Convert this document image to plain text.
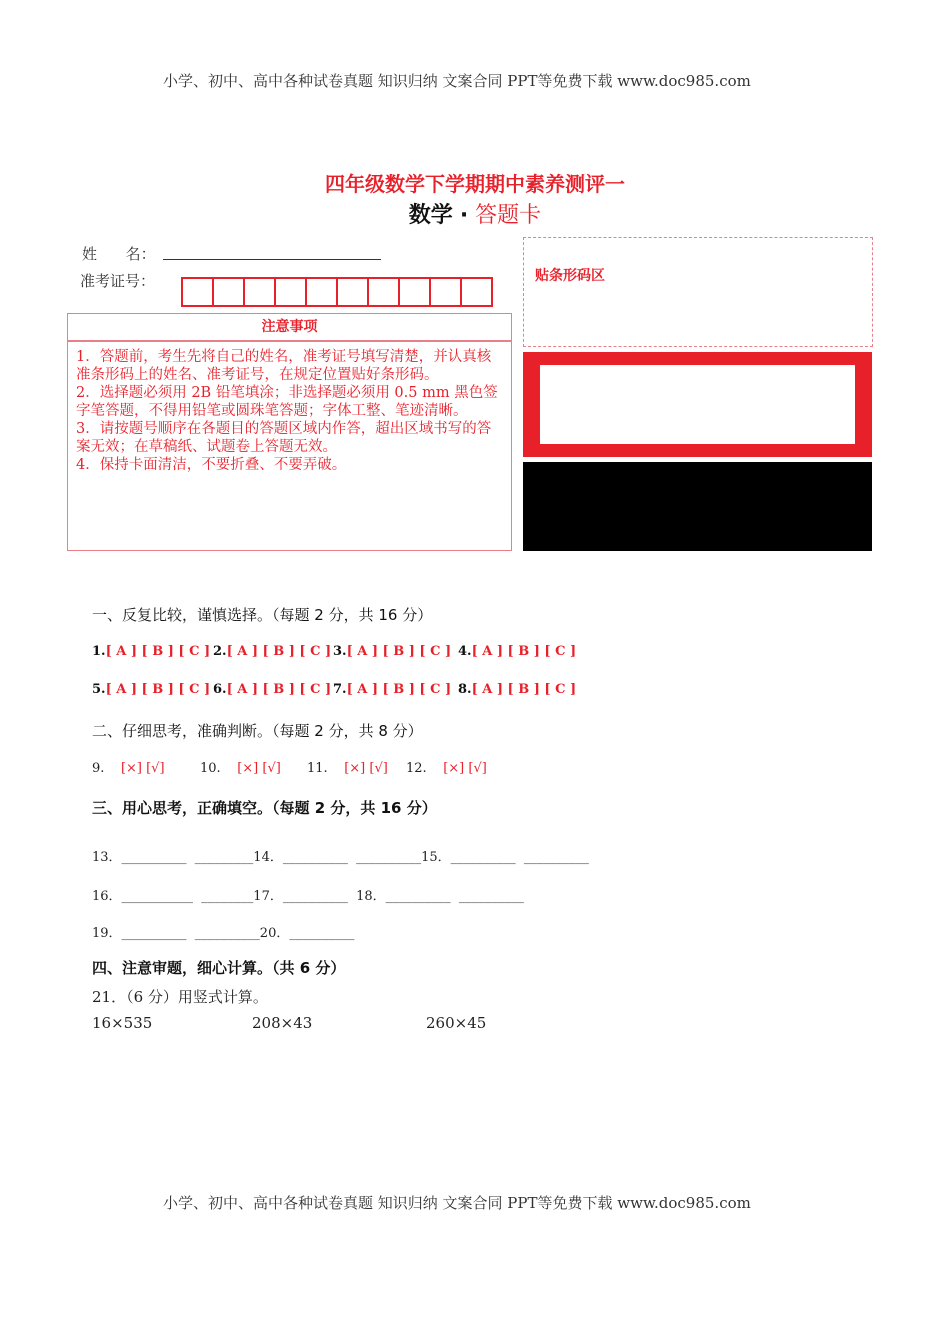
小学、初中、高中各种试卷真题 知识归纳 文案合同 PPT等免费下载 www.doc985.com
小学、初中、高中各种试卷真题 知识归纳 文案合同 PPT等免费下载 www.doc985.com
四年级数学下学期期中素养测评一
数学 · 答题卡
姓      名：
准考证号：
注意事项

1．答题前，考生先将自己的姓名，准考证号填写清楚，并认真核准条形码上的姓名、准考证号，在规定位置贴好条形码。

2．选择题必须用 2B 铅笔填涂；非选择题必须用 0.5 mm 黑色签字笔答题，不得用铅笔或圆珠笔答题；字体工整、笔迹清晰。

3．请按题号顺序在各题目的答题区域内作答，超出区域书写的答案无效；在草稿纸、试题卷上答题无效。

4．保持卡面清洁，不要折叠、不要弄破。

贴条形码区
一、反复比较，谨慎选择。（每题 2 分，共 16 分）
1.[ A ] [ B ] [ C ] 2.[ A ] [ B ] [ C ] 3.[ A ] [ B ] [ C ] 4.[ A ] [ B ] [ C ]
5.[ A ] [ B ] [ C ] 6.[ A ] [ B ] [ C ] 7.[ A ] [ B ] [ C ] 8.[ A ] [ B ] [ C ]
二、仔细思考，准确判断。（每题 2 分，共 8 分）
9. [×] [√]	10. [×] [√] 11. [×] [√] 12. [×] [√]
三、用心思考，正确填空。（每题 2 分，共 16 分）
13．__________  _________14．__________  __________15．__________  __________
16．___________  ________17．__________  18．__________  __________
19．__________  __________20．__________
四、注意审题，细心计算。（共 6 分）
21．（6 分）用竖式计算。
16×535	208×43	260×45
